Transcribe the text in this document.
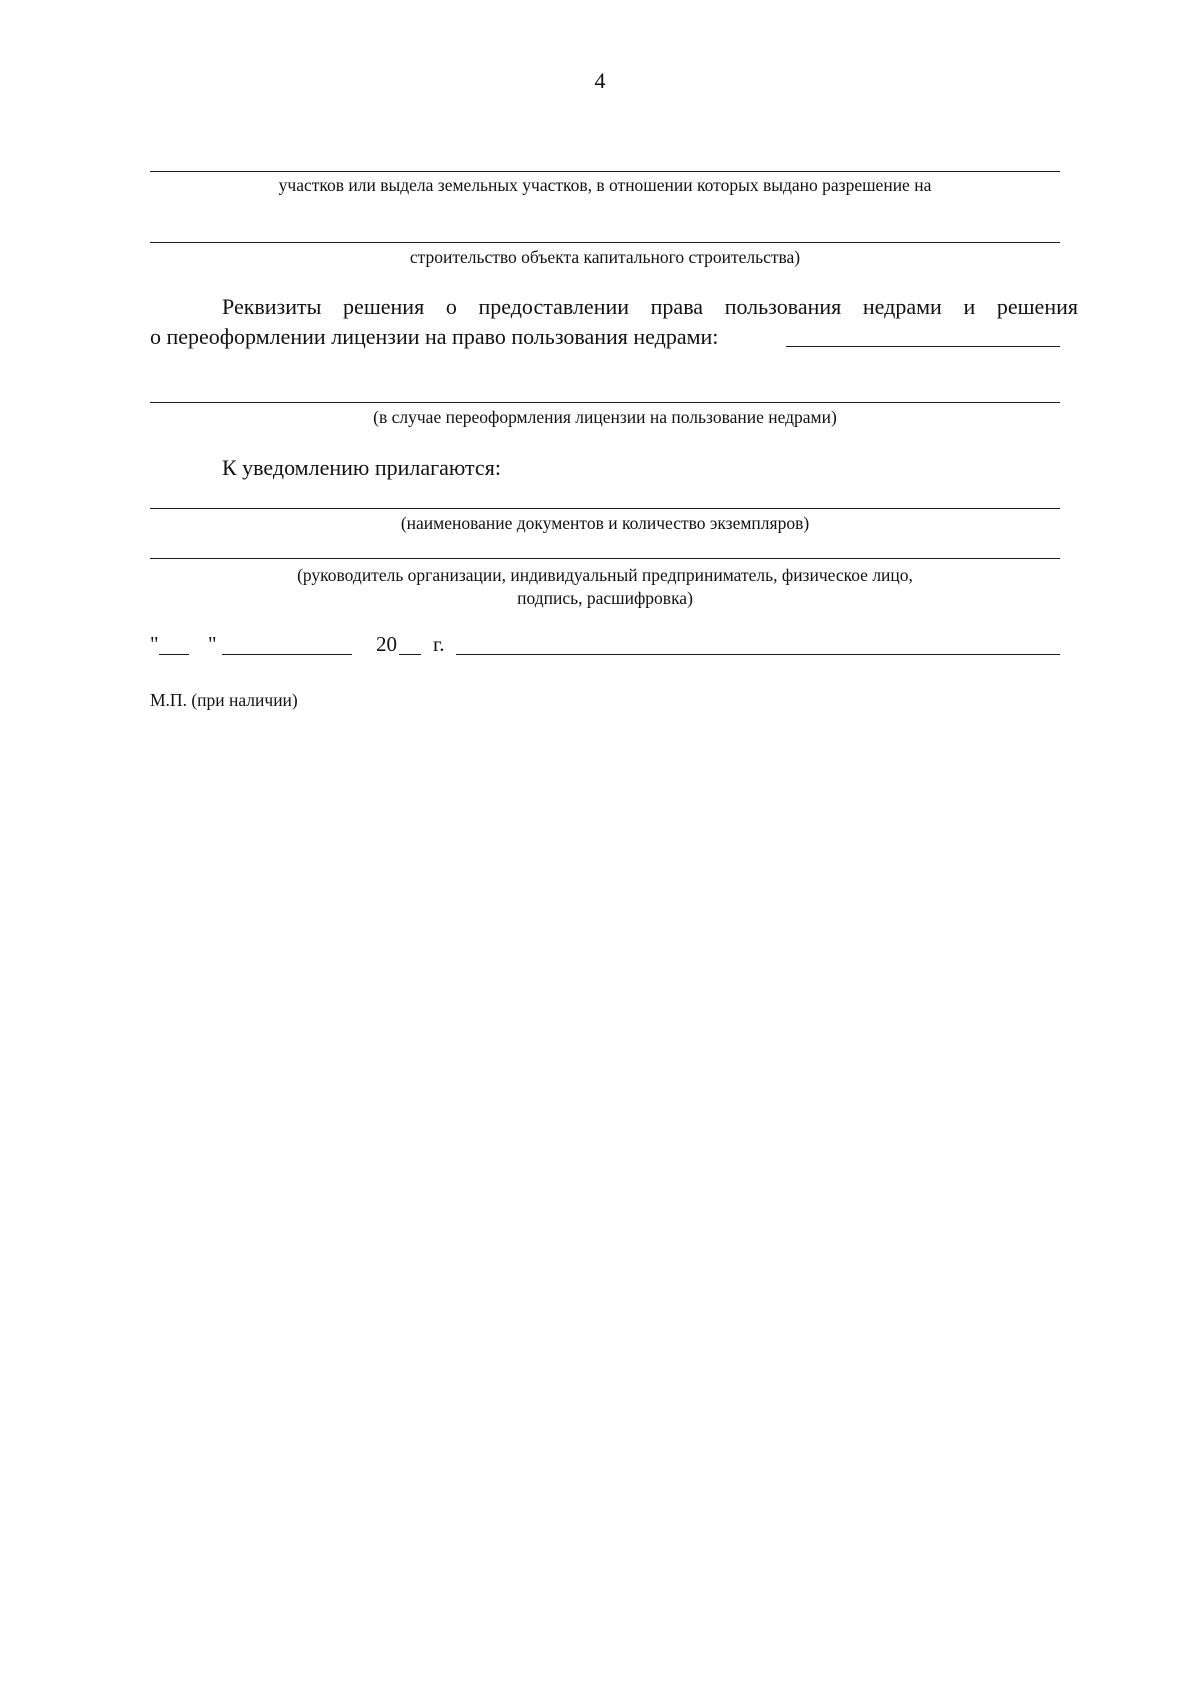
4
участков или выдела земельных участков, в отношении которых выдано разрешение на
строительство объекта капитального строительства)
Реквизиты решения о предоставлении права пользования недрами и решения
о переоформлении лицензии на право пользования недрами:
(в случае переоформления лицензии на пользование недрами)
К уведомлению прилагаются:
(наименование документов и количество экземпляров)
(руководитель организации, индивидуальный предприниматель, физическое лицо,
подпись, расшифровка)
" "	20 г.
М.П. (при наличии)
